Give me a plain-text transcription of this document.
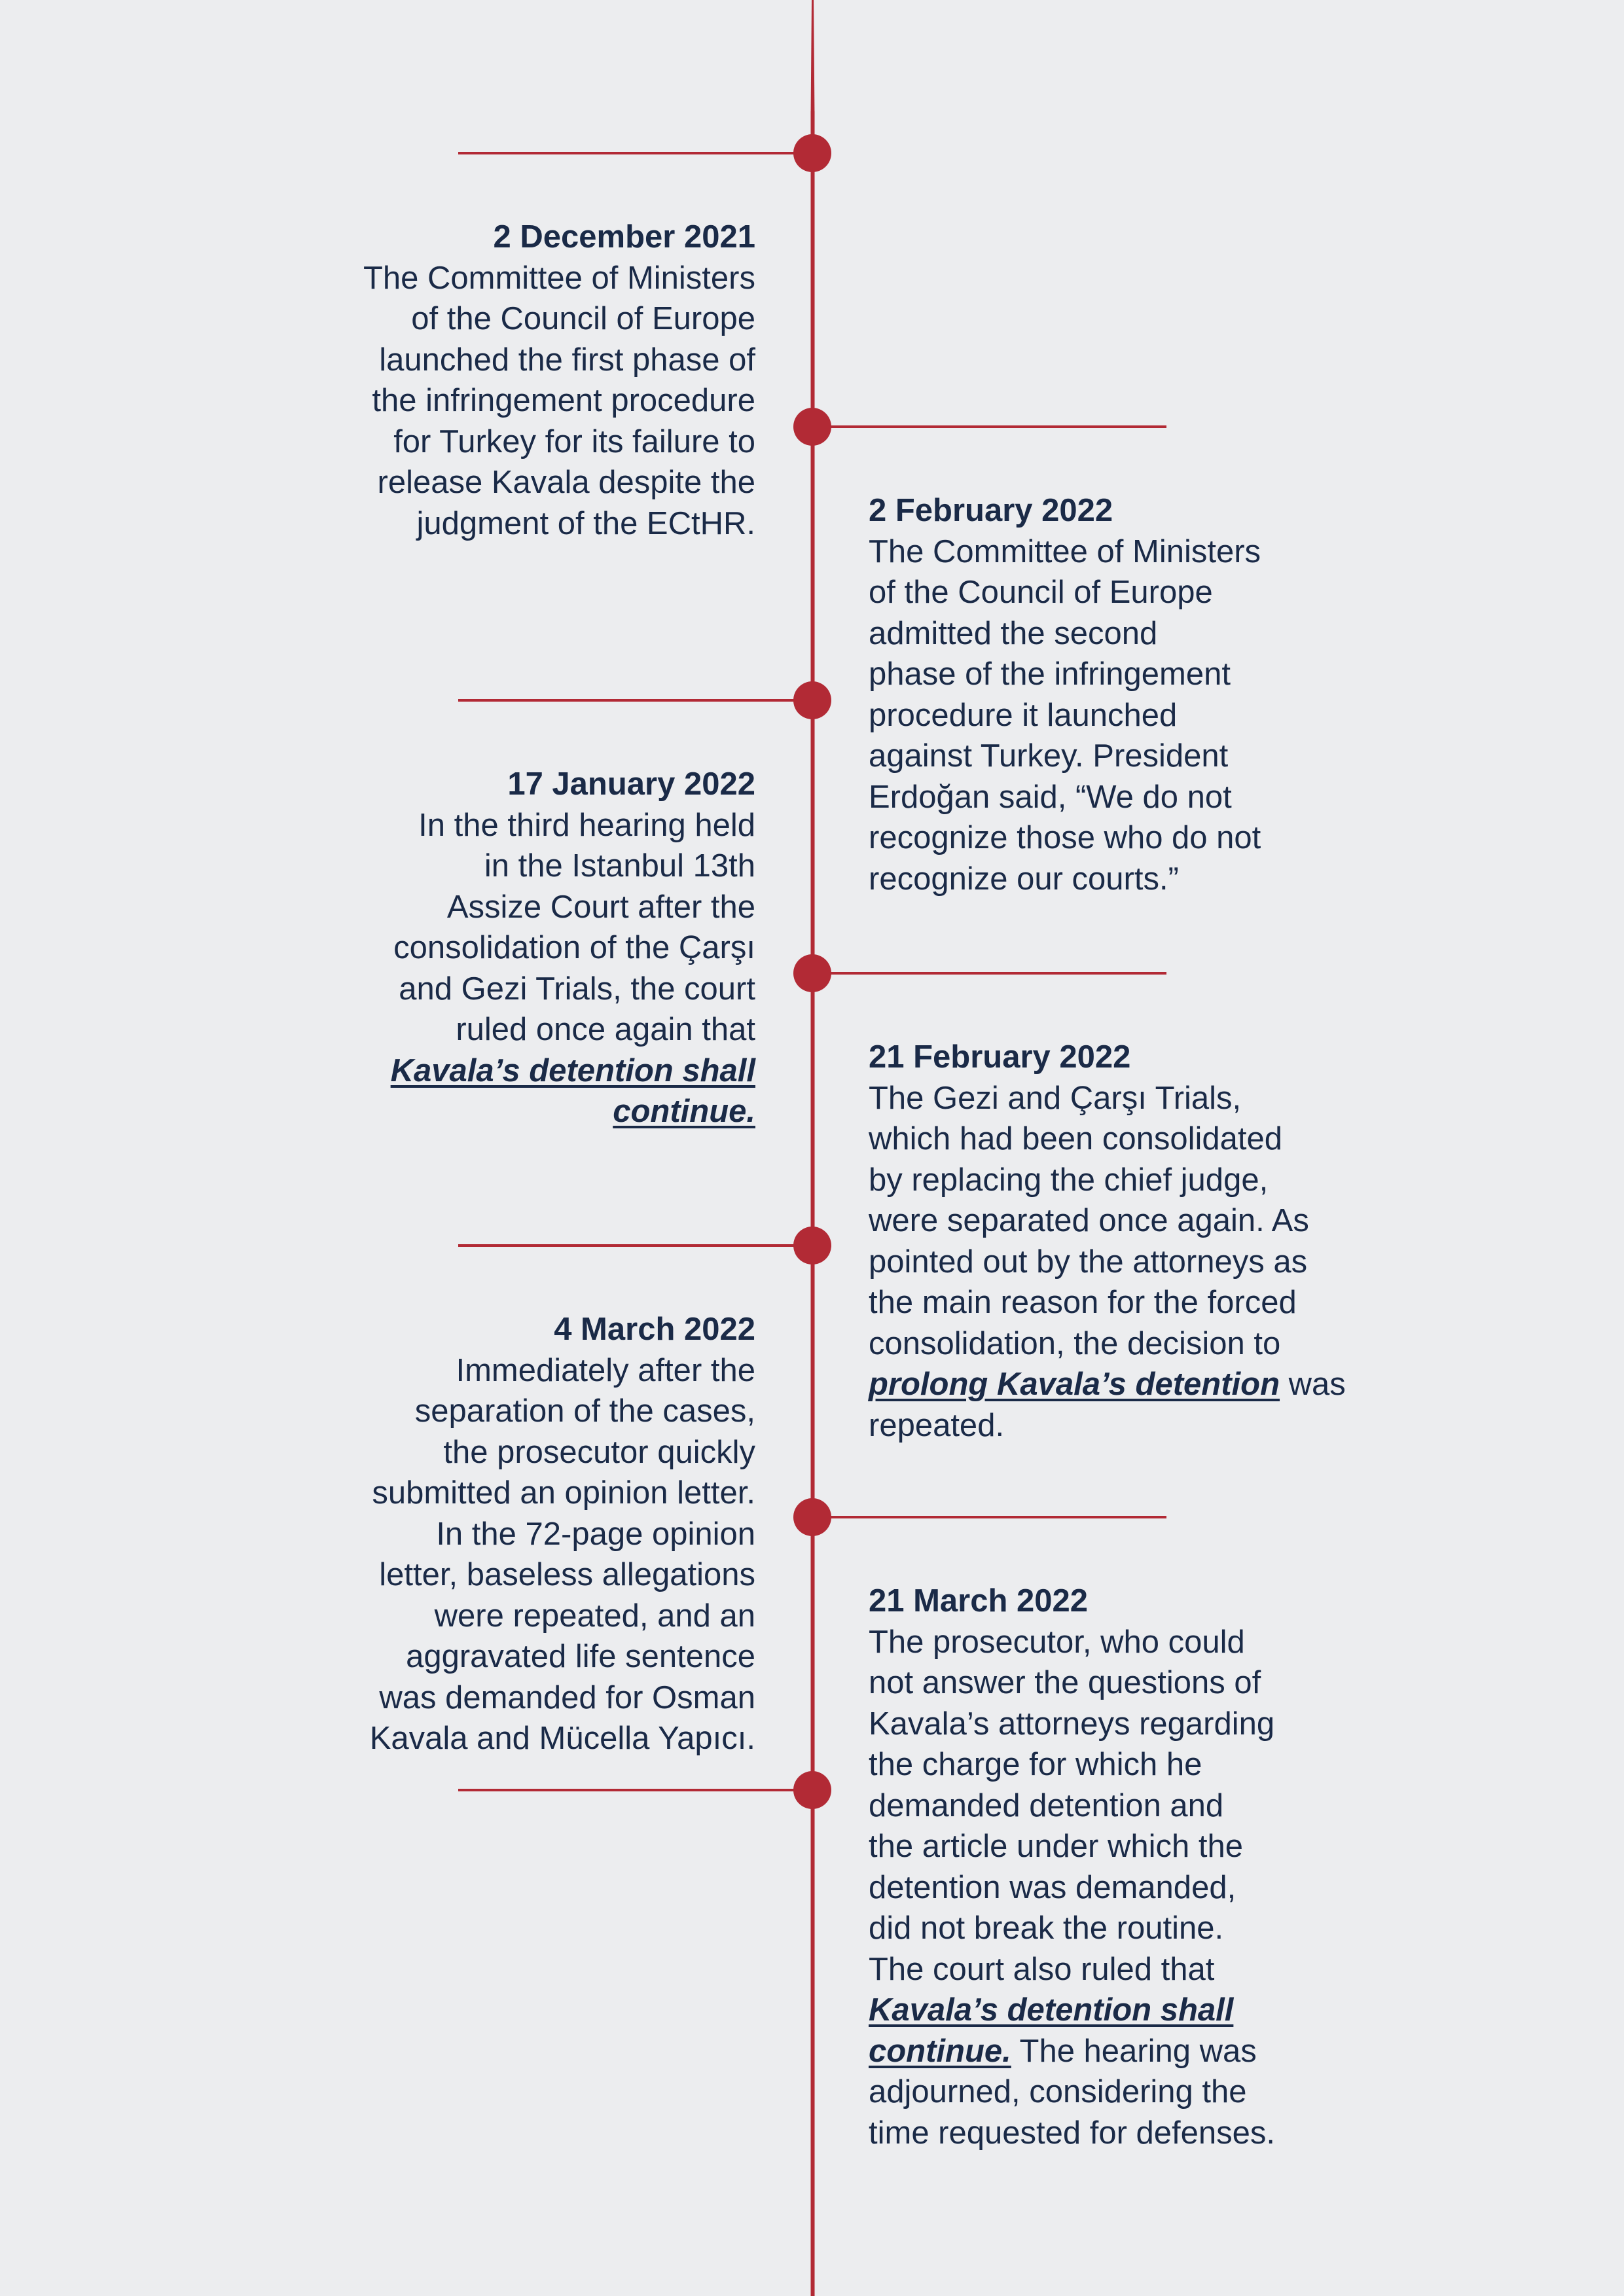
2 December 2021

The Committee of Ministers

of the Council of Europe

launched the first phase of

the infringement procedure

for Turkey for its failure to

release Kavala despite the

judgment of the ECtHR.	2 February 2022

The Committee of Ministers

of the Council of Europe

admitted the second

phase of the infringement

procedure it launched

against Turkey. President

Erdoğan said, “We do not

recognize those who do not

recognize our courts.”

17 January 2022

In the third hearing held

in the Istanbul 13th

Assize Court after the

consolidation of the Çarşı

and Gezi Trials, the court

ruled once again that

Kavala’s detention shall

continue.

21 February 2022

The Gezi and Çarşı Trials,

which had been consolidated

by replacing the chief judge,

were separated once again. As

pointed out by the attorneys as

the main reason for the forced

consolidation, the decision to

prolong Kavala’s detention was

repeated.

4 March 2022

Immediately after the

separation of the cases,

the prosecutor quickly

submitted an opinion letter.

In the 72-page opinion

letter, baseless allegations

were repeated, and an

aggravated life sentence

was demanded for Osman

Kavala and Mücella Yapıcı.

21 March 2022

The prosecutor, who could

not answer the questions of

Kavala’s attorneys regarding

the charge for which he

demanded detention and

the article under which the

detention was demanded,

did not break the routine.

The court also ruled that

Kavala’s detention shall

continue. The hearing was

adjourned, considering the

time requested for defenses.
